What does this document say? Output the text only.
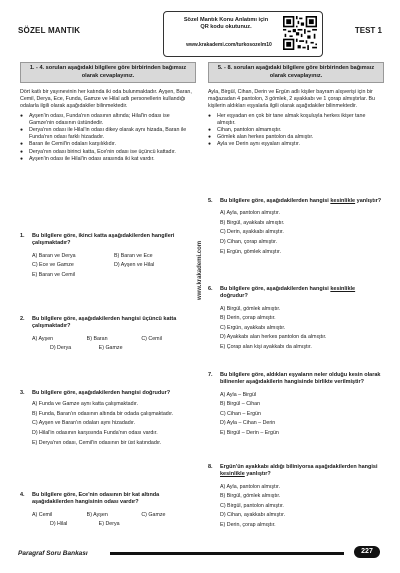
SÖZEL MANTIK	TEST 1
Sözel Mantık Konu Anlatımı için
QR kodu okutunuz.
www.krakademi.com/turkosozelm10
www.krakademi.com
1. - 4. soruları aşağıdaki bilgilere göre birbirinden bağımsız olarak cevaplayınız.
Dört katlı bir yayınevinin her katında iki oda bulunmaktadır. Ayşen, Baran, Cemil, Derya, Ece, Funda, Gamze ve Hilal adlı personellerin kullandığı odalarla ilgili olarak aşağıdakiler bilinmektedir.
● Ayşen'in odası, Funda'nın odasının altında; Hilal'in odası ise Gamze'nin odasının üstündedir.
● Derya'nın odası ile Hilal'in odası dikey olarak aynı hizada, Baran ile Funda'nın odası farklı hizadadır.
● Baran ile Cemil'in odaları karşılıklıdır.
● Derya'nın odası birinci katta, Ece'nin odası ise üçüncü kattadır.
● Ayşen'in odası ile Hilal'in odası arasında iki kat vardır.
1.	Bu bilgilere göre, ikinci katta aşağıdakilerden hangileri çalışmaktadır?
A) Baran ve Derya	B) Baran ve Ece
C) Ece ve Gamze	D) Ayşen ve Hilal
E) Baran ve Cemil
2.	Bu bilgilere göre, aşağıdakilerden hangisi üçüncü katta çalışmaktadır?
A) Ayşen	B) Baran	C) Cemil
D) Derya	E) Gamze
3.	Bu bilgilere göre, aşağıdakilerden hangisi doğrudur?
A) Funda ve Gamze aynı katta çalışmaktadır.
B) Funda, Baran'ın odasının altında bir odada çalışmaktadır.
C) Ayşen ve Baran'ın odaları aynı hizadadır.
D) Hilal'in odasının karşısında Funda'nın odası vardır.
E) Derya'nın odası, Cemil'in odasının bir üst katındadır.
4.	Bu bilgilere göre, Ece'nin odasının bir kat altında aşağıdakilerden hangisinin odası vardır?
A) Cemil	B) Ayşen	C) Gamze
D) Hilal	E) Derya
5. - 8. soruları aşağıdaki bilgilere göre birbirinden bağımsız olarak cevaplayınız.
Ayla, Birgül, Cihan, Derin ve Ergün adlı kişiler bayram alışverişi için bir mağazadan 4 pantolon, 3 gömlek, 2 ayakkabı ve 1 çorap almıştırlar. Bu kişilerin aldıkları eşyalarla ilgili olarak aşağıdakiler bilinmektedir.
● Her eşyadan en çok bir tane almak koşuluyla herkes ikişer tane almıştır.
● Cihan, pantolon almamıştır.
● Gömlek alan herkes pantolon da almıştır.
● Ayla ve Derin aynı eşyaları almıştır.
5.	Bu bilgilere göre, aşağıdakilerden hangisi kesinlikle yanlıştır?
A) Ayla, pantolon almıştır.
B) Birgül, ayakkabı almıştır.
C) Derin, ayakkabı almıştır.
D) Cihan, çorap almıştır.
E) Ergün, gömlek almıştır.
6.	Bu bilgilere göre, aşağıdakilerden hangisi kesinlikle doğrudur?
A) Birgül, gömlek almıştır.
B) Derin, çorap almıştır.
C) Ergün, ayakkabı almıştır.
D) Ayakkabı alan herkes pantolon da almıştır.
E) Çorap alan kişi ayakkabı da almıştır.
7.	Bu bilgilere göre, aldıkları eşyaların neler olduğu kesin olarak bilinenler aşağıdakilerin hangisinde birlikte verilmiştir?
A) Ayla – Birgül
B) Birgül – Cihan
C) Cihan – Ergün
D) Ayla – Cihan – Derin
E) Birgül – Derin – Ergün
8.	Ergün'ün ayakkabı aldığı biliniyorsa aşağıdakilerden hangisi kesinlikle yanlıştır?
A) Ayla, pantolon almıştır.
B) Birgül, gömlek almıştır.
C) Birgül, pantolon almıştır.
D) Cihan, ayakkabı almıştır.
E) Derin, çorap almıştır.
Paragraf Soru Bankası	227
